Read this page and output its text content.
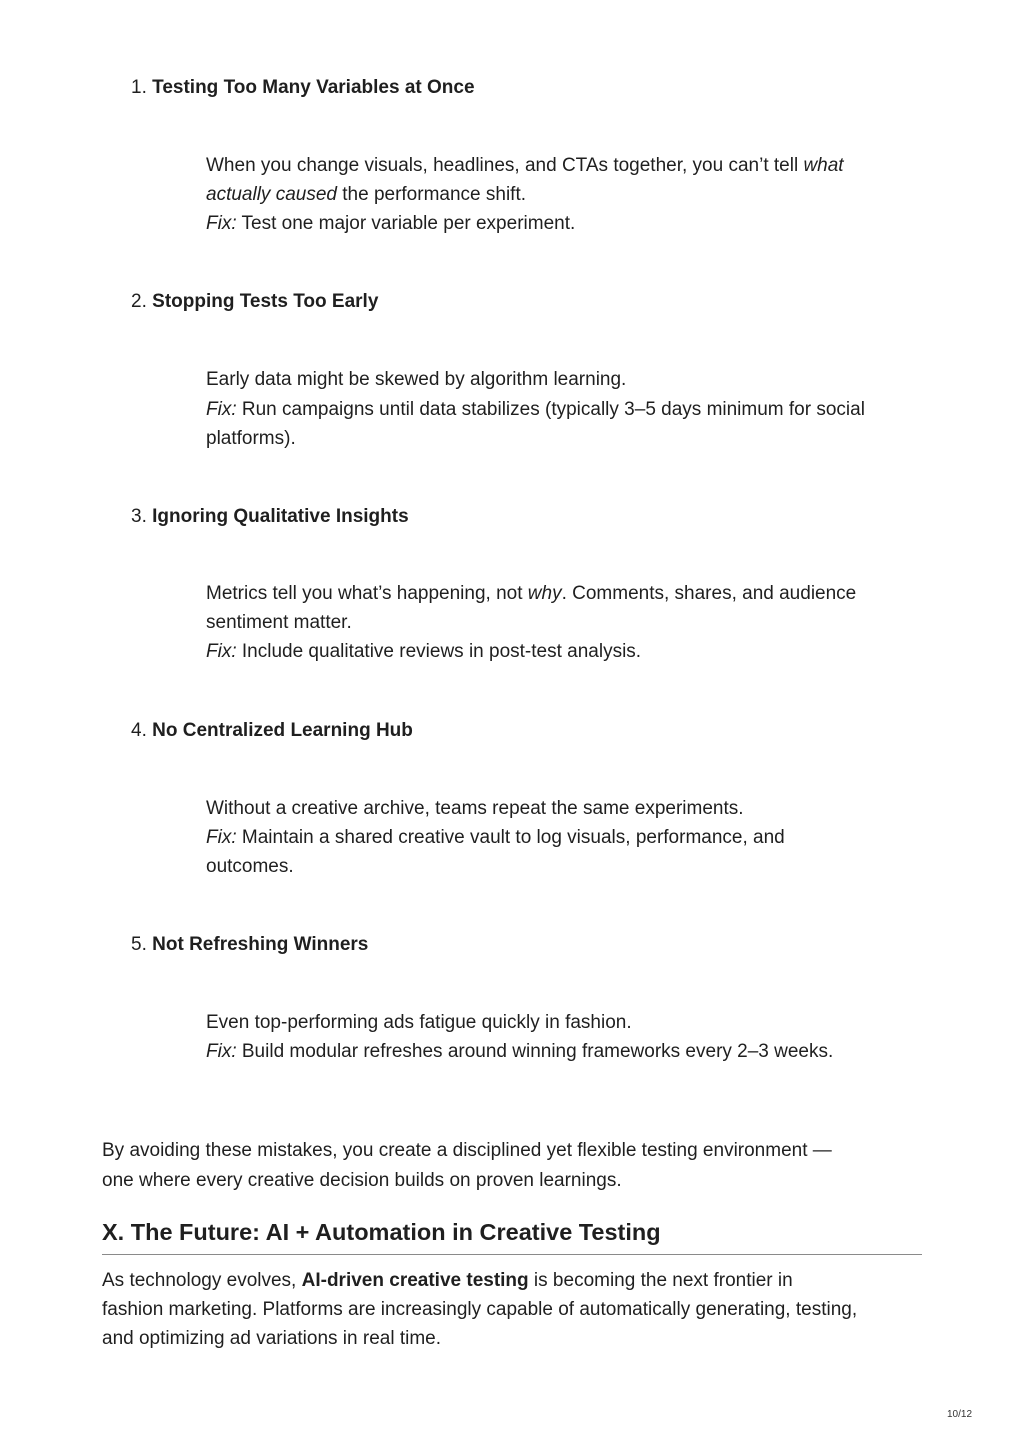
1. Testing Too Many Variables at Once
When you change visuals, headlines, and CTAs together, you can’t tell what
actually caused the performance shift.
Fix: Test one major variable per experiment.
2. Stopping Tests Too Early
Early data might be skewed by algorithm learning.
Fix: Run campaigns until data stabilizes (typically 3–5 days minimum for social
platforms).
3. Ignoring Qualitative Insights
Metrics tell you what’s happening, not why. Comments, shares, and audience
sentiment matter.
Fix: Include qualitative reviews in post-test analysis.
4. No Centralized Learning Hub
Without a creative archive, teams repeat the same experiments.
Fix: Maintain a shared creative vault to log visuals, performance, and
outcomes.
5. Not Refreshing Winners
Even top-performing ads fatigue quickly in fashion.
Fix: Build modular refreshes around winning frameworks every 2–3 weeks.
By avoiding these mistakes, you create a disciplined yet flexible testing environment —
one where every creative decision builds on proven learnings.
As technology evolves, AI-driven creative testing is becoming the next frontier in
fashion marketing. Platforms are increasingly capable of automatically generating, testing,
and optimizing ad variations in real time.
X. The Future: AI + Automation in Creative Testing
10/12
